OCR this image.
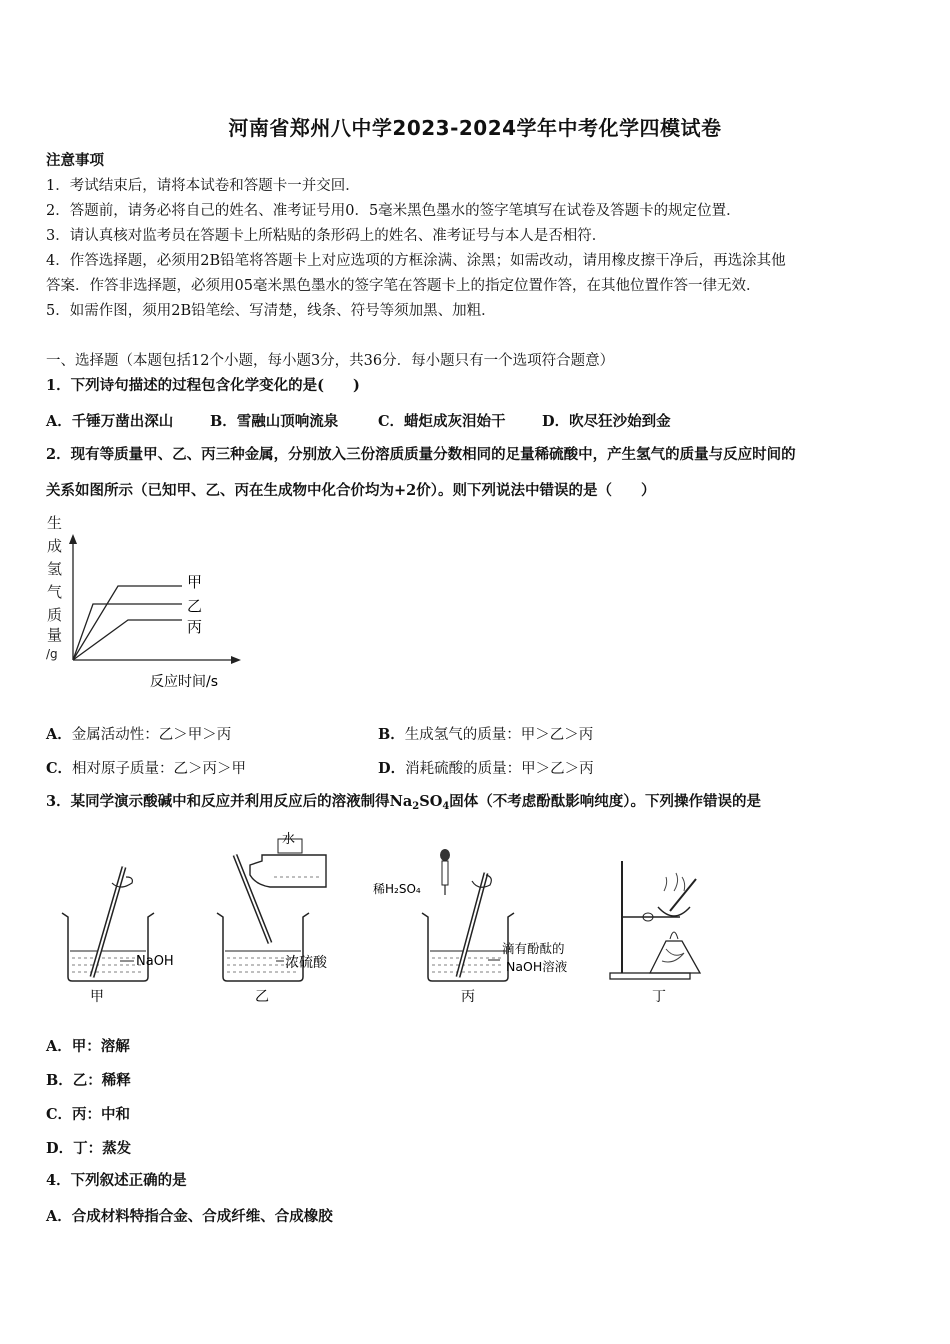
河南省郑州八中学2023-2024学年中考化学四模试卷
注意事项
1．考试结束后，请将本试卷和答题卡一并交回．
2．答题前，请务必将自己的姓名、准考证号用0．5毫米黑色墨水的签字笔填写在试卷及答题卡的规定位置．
3．请认真核对监考员在答题卡上所粘贴的条形码上的姓名、准考证号与本人是否相符．
4．作答选择题，必须用2B铅笔将答题卡上对应选项的方框涂满、涂黑；如需改动，请用橡皮擦干净后，再选涂其他
答案．作答非选择题，必须用05毫米黑色墨水的签字笔在答题卡上的指定位置作答，在其他位置作答一律无效．
5．如需作图，须用2B铅笔绘、写清楚，线条、符号等须加黑、加粗．
一、选择题（本题包括12个小题，每小题3分，共36分．每小题只有一个选项符合题意）
1．下列诗句描述的过程包含化学变化的是(　　)
A．千锤万凿出深山	B．雪融山顶响流泉	C．蜡炬成灰泪始干	D．吹尽狂沙始到金
2．现有等质量甲、乙、丙三种金属，分别放入三份溶质质量分数相同的足量稀硫酸中，产生氢气的质量与反应时间的
关系如图所示（已知甲、乙、丙在生成物中化合价均为+2价）。则下列说法中错误的是（　　）
生
成
氢
气
质
量
/g
甲
乙
丙
反应时间/s
A．金属活动性：乙＞甲＞丙	B．生成氢气的质量：甲＞乙＞丙
C．相对原子质量：乙＞丙＞甲	D．消耗硫酸的质量：甲＞乙＞丙
3．某同学演示酸碱中和反应并利用反应后的溶液制得$Na_2SO_4$固体（不考虑酚酞影响纯度）。下列操作错误的是
NaOH
甲
水
浓硫酸
乙
稀H₂SO₄
滴有酚酞的
NaOH溶液
丙	丁
A．甲：溶解
B．乙：稀释
C．丙：中和
D．丁：蒸发
4．下列叙述正确的是
A．合成材料特指合金、合成纤维、合成橡胶
